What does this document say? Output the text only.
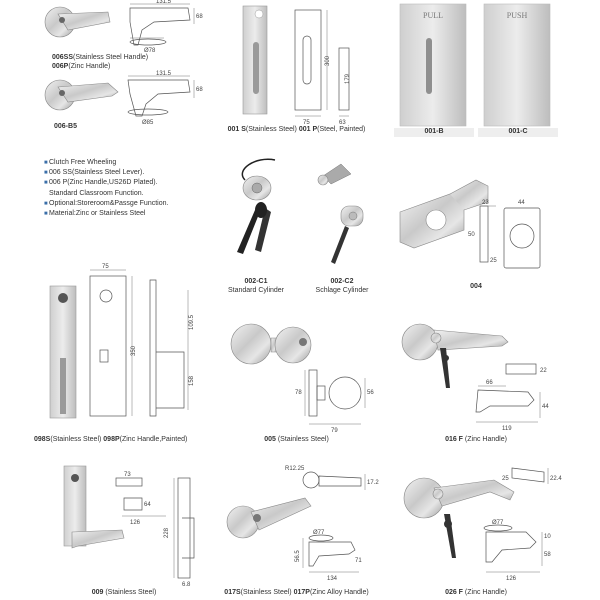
131.5
68
Ø78
131.5
68
Ø85
006SS(Stainless Steel Handle)
006P(Zinc Handle)
006-B5
300
179
75	63
001 S(Stainless Steel) 001 P(Steel, Painted)
PULL
001-B
PUSH
001-C
■Clutch Free Wheeling
■006 SS(Stainless Steel Lever).
■006 P(Zinc Handle,US26D Plated).
Standard Classroom Function.
■Optional:Storeroom&Passge Function.
■Material:Zinc or Stainless Steel
002-C1
Standard Cylinder
002-C2
Schlage Cylinder
23	44
50
25
004
75
350
109.5
158
098S(Stainless Steel) 098P(Zinc Handle,Painted)
78	56
79
005 (Stainless Steel)
22
66
44
119
016 F (Zinc Handle)
73
64
126
228
6.8
009 (Stainless Steel)
R12.25
17.2
134
Ø77
56.5	71
017S(Stainless Steel) 017P(Zinc Alloy Handle)
25	22.4
Ø77
10
58
126
026 F (Zinc Handle)
